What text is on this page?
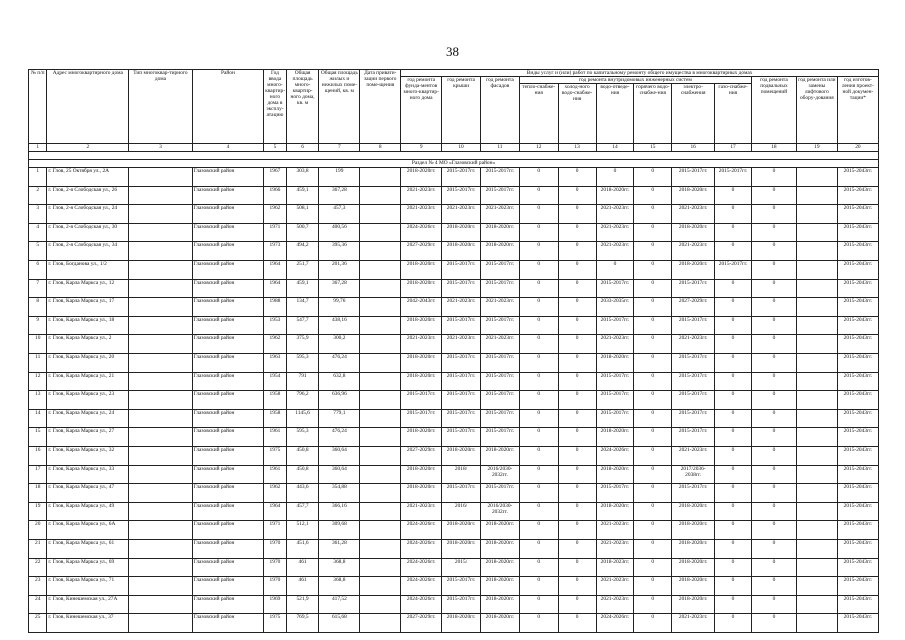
38
№ п/п	Адрес многоквартирного дома	Тип многоквар-тирного дома	Район	Год ввода много-квартир-ного дома в эксплу-атацию	Общая площадь много-квартир-ного дома, кв. м	Общая площадь жилых и нежилых поме-щений, кв. м	Дата привати-зации первого поме-щения	Виды услуг и (или) работ по капитальному ремонту общего имущества в многоквартирных домах											
								год ремонта фунда-ментов много-квартир-ного дома	год ремонта крыши	год ремонта фасадов	год ремонта внутридомовых инженерных систем						год ремонта подвальных помещений	год ремонта или замены лифтового обору-дования	год изготов-ления проект-ной докумен-тации*
											тепло-снабже-ния	холод-ного водо-снабже-ния	водо-отведе-ния	горячего водо-снабже-ния	электро-снабжения	газо-снабже-ния			
1	2	3	4	5	6	7	8	9	10	11	12	13	14	15	16	17	18	19	20

Раздел № 4 МО «Глазовский район»																			
1	г. Глов, 25 Октября ул., 2А		Глазовский район	1967	303,8	199		2018-2020гг.	2015-2017гг.	2015-2017гг.	0	0	0	0	2015-2017гг.	2015-2017гг.	0		2015-2043гг.
2	г. Глов, 2-я Слободская ул., 26		Глазовский район	1966	459,1	367,28		2021-2023гг.	2015-2017гг.	2015-2017гг.	0	0	2018-2020гг.	0	2018-2020гг.	0	0		2015-2043гг.
3	г. Глов, 2-я Слободская ул., 24		Глазовский район	1962	508,1	457,3		2021-2023гг.	2021-2023гг.	2021-2023гг.	0	0	2021-2023гг.	0	2021-2023гг.	0	0		2015-2043гг.
4	г. Глов, 2-я Слободская ул., 30		Глазовский район	1971	500,7	400,56		2024-2026гг.	2018-2020гг.	2018-2020гг.	0	0	2021-2023гг.	0	2018-2020гг.	0	0		2015-2043гг.
5	г. Глов, 2-я Слободская ул., 34		Глазовский район	1973	494,2	395,36		2027-2029гг.	2018-2020гг.	2018-2020гг.	0	0	2021-2023гг.	0	2021-2023гг.	0	0		2015-2043гг.
6	г. Глов, Богданова ул., 1/2		Глазовский район	1964	251,7	201,36		2018-2020гг.	2015-2017гг.	2015-2017гг.	0	0	0	0	2018-2020гг.	2015-2017гг.	0		2015-2043гг.
7	г. Глов, Карла Маркса ул., 12		Глазовский район	1964	459,1	367,28		2018-2020гг.	2015-2017гг.	2015-2017гг.	0	0	2015-2017гг.	0	2015-2017гг.	0	0		2015-2043гг.
8	г. Глов, Карла Маркса ул., 17		Глазовский район	1988	134,7	99,76		2042-2043гг.	2021-2023гг.	2021-2023гг.	0	0	2033-2035гг.	0	2027-2029гг.	0	0		2015-2043гг.
9	г. Глов, Карла Маркса ул., 18		Глазовский район	1953	547,7	438,16		2018-2020гг.	2015-2017гг.	2015-2017гг.	0	0	2015-2017гг.	0	2015-2017гг.	0	0		2015-2043гг.
10	г. Глов, Карла Маркса ул., 2		Глазовский район	1962	375,9	300,2		2021-2023гг.	2021-2023гг.	2021-2023гг.	0	0	2021-2023гг.	0	2021-2023гг.	0	0		2015-2043гг.
11	г. Глов, Карла Маркса ул., 20		Глазовский район	1963	595,3	476,24		2018-2020гг.	2015-2017гг.	2015-2017гг.	0	0	2018-2020гг.	0	2015-2017гг.	0	0		2015-2043гг.
12	г. Глов, Карла Маркса ул., 21		Глазовский район	1954	791	632,8		2018-2020гг.	2015-2017гг.	2015-2017гг.	0	0	2015-2017гг.	0	2015-2017гг.	0	0		2015-2043гг.
13	г. Глов, Карла Маркса ул., 23		Глазовский район	1958	796,2	636,96		2015-2017гг.	2015-2017гг.	2015-2017гг.	0	0	2015-2017гг.	0	2015-2017гг.	0	0		2015-2043гг.
14	г. Глов, Карла Маркса ул., 24		Глазовский район	1958	1145,6	779,1		2015-2017гг.	2015-2017гг.	2015-2017гг.	0	0	2015-2017гг.	0	2015-2017гг.	0	0		2015-2043гг.
15	г. Глов, Карла Маркса ул., 27		Глазовский район	1961	595,3	476,24		2018-2020гг.	2015-2017гг.	2015-2017гг.	0	0	2018-2020гг.	0	2015-2017гг.	0	0		2015-2043гг.
16	г. Глов, Карла Маркса ул., 32		Глазовский район	1975	450,8	360,64		2027-2029гг.	2018-2020гг.	2018-2020гг.	0	0	2024-2026гг.	0	2021-2023гг.	0	0		2015-2043гг.
17	г. Глов, Карла Маркса ул., 33		Глазовский район	1961	450,8	360,64		2018-2020гг.	2018/	2016/2030-2032гг.	0	0	2018-2020гг.	0	2017/2036-2038гг.	0	0		2015-2043гг.
18	г. Глов, Карла Маркса ул., 47		Глазовский район	1962	443,6	354,88		2018-2020гг.	2015-2017гг.	2015-2017гг.	0	0	2015-2017гг.	0	2015-2017гг.	0	0		2015-2043гг.
19	г. Глов, Карла Маркса ул., 49		Глазовский район	1964	457,7	366,16		2021-2023гг.	2016/	2016/2030-2032гг.	0	0	2018-2020гг.	0	2018-2020гг.	0	0		2015-2043гг.
20	г. Глов, Карла Маркса ул., 6А		Глазовский район	1971	512,1	309,68		2024-2026гг.	2018-2020гг.	2018-2020гг.	0	0	2021-2023гг.	0	2018-2020гг.	0	0		2015-2043гг.
21	г. Глов, Карла Маркса ул., 61		Глазовский район	1970	451,6	361,28		2024-2026гг.	2018-2020гг.	2018-2020гг.	0	0	2021-2023гг.	0	2018-2020гг.	0	0		2015-2043гг.
22	г. Глов, Карла Маркса ул., 69		Глазовский район	1970	461	368,8		2024-2026гг.	2015/	2018-2020гг.	0	0	2018-2023гг.	0	2018-2020гг.	0	0		2015-2043гг.
23	г. Глов, Карла Маркса ул., 71		Глазовский район	1970	461	368,8		2024-2026гг.	2015-2017гг.	2018-2020гг.	0	0	2021-2023гг.	0	2018-2020гг.	0	0		2015-2043гг.
24	г. Глов, Кинешемская ул., 27А		Глазовский район	1969	521,9	417,52		2024-2026гг.	2015-2017гг.	2018-2020гг.	0	0	2021-2023гг.	0	2018-2020гг.	0	0		2015-2043гг.
25	г. Глов, Кинешемская ул., 37		Глазовский район	1975	769,5	615,68		2027-2029гг.	2018-2020гг.	2018-2020гг.	0	0	2024-2026гг.	0	2021-2023гг.	0	0		2015-2043гг.
